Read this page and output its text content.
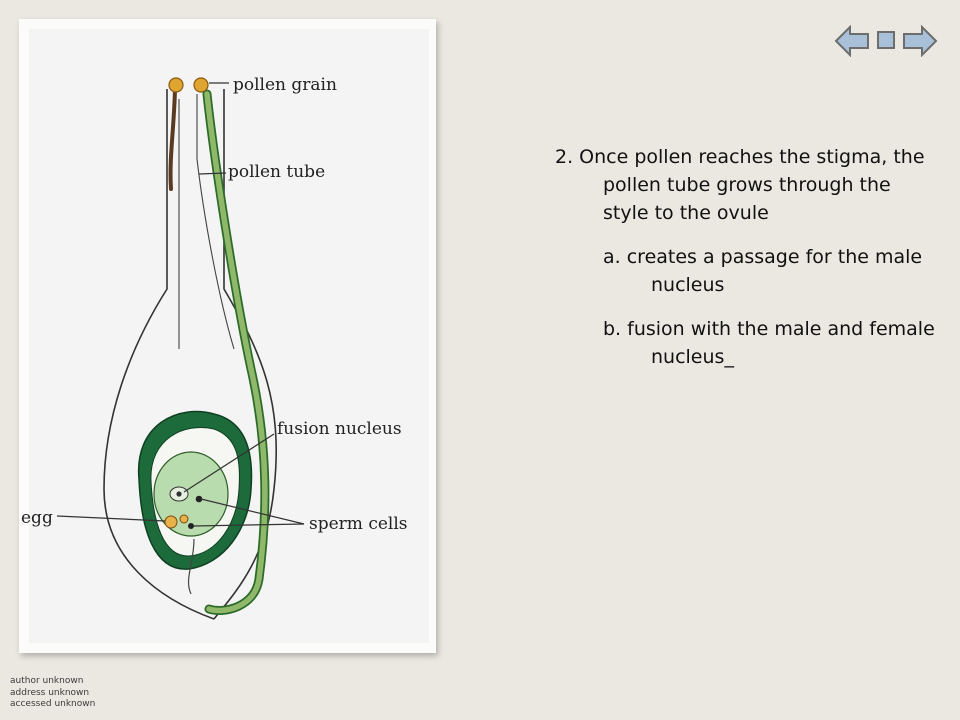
pollen grain
pollen tube
fusion nucleus
egg	sperm cells

2. Once pollen reaches the stigma, the pollen tube grows through the style to the ovule

a. creates a passage for the male nucleus

b. fusion with the male and female nucleus_

author unknown
address unknown
accessed unknown
